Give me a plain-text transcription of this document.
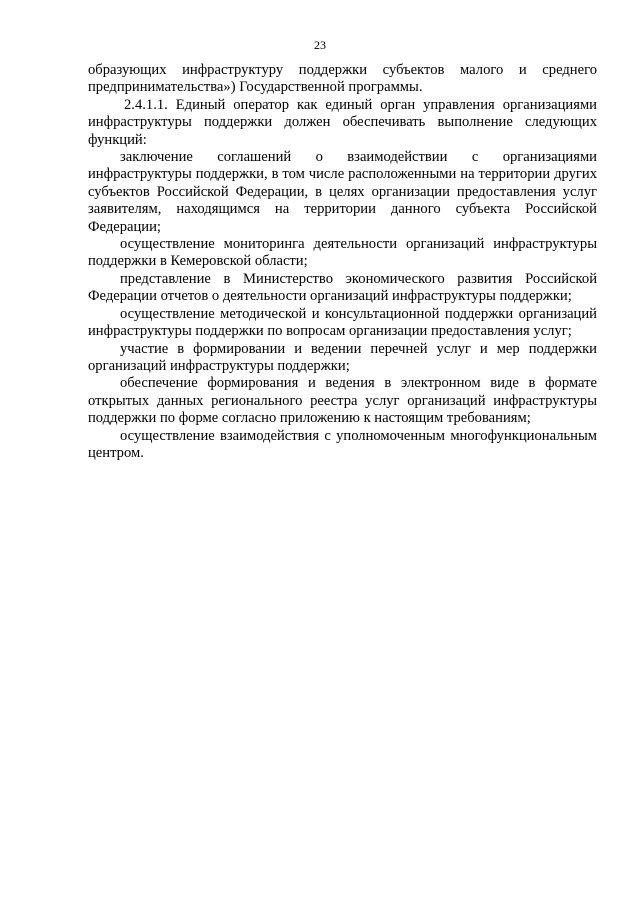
23

образующих инфраструктуру поддержки субъектов малого и среднего предпринимательства») Государственной программы.

2.4.1.1. Единый оператор как единый орган управления организациями инфраструктуры поддержки должен обеспечивать выполнение следующих функций:

заключение соглашений о взаимодействии с организациями инфраструктуры поддержки, в том числе расположенными на территории других субъектов Российской Федерации, в целях организации предоставления услуг заявителям, находящимся на территории данного субъекта Российской Федерации;

осуществление мониторинга деятельности организаций инфраструктуры поддержки в Кемеровской области;

представление в Министерство экономического развития Российской Федерации отчетов о деятельности организаций инфраструктуры поддержки;

осуществление методической и консультационной поддержки организаций инфраструктуры поддержки по вопросам организации предоставления услуг;

участие в формировании и ведении перечней услуг и мер поддержки организаций инфраструктуры поддержки;

обеспечение формирования и ведения в электронном виде в формате открытых данных регионального реестра услуг организаций инфраструктуры поддержки по форме согласно приложению к настоящим требованиям;

осуществление взаимодействия с уполномоченным многофункциональным центром.
